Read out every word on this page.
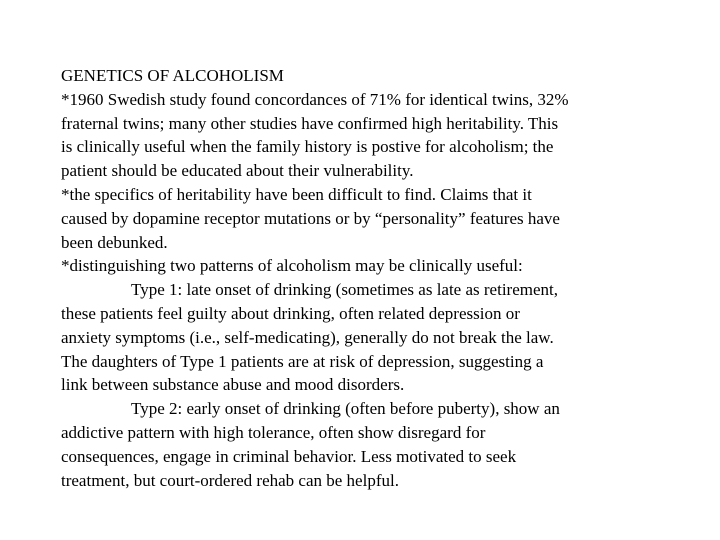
GENETICS OF ALCOHOLISM
*1960 Swedish study found concordances of 71% for identical twins, 32%
fraternal twins; many other studies have confirmed high heritability. This
is clinically useful when the family history is postive for alcoholism; the
patient should be educated about their vulnerability.
*the specifics of heritability have been difficult to find. Claims that it
caused by dopamine receptor mutations or by “personality” features have
been debunked.
*distinguishing two patterns of alcoholism may be clinically useful:
Type 1: late onset of drinking (sometimes as late as retirement,
these patients feel guilty about drinking, often related depression or
anxiety symptoms (i.e., self-medicating), generally do not break the law.
The daughters of Type 1 patients are at risk of depression, suggesting a
link between substance abuse and mood disorders.
Type 2: early onset of drinking (often before puberty), show an
addictive pattern with high tolerance, often show disregard for
consequences, engage in criminal behavior. Less motivated to seek
treatment, but court-ordered rehab can be helpful.
